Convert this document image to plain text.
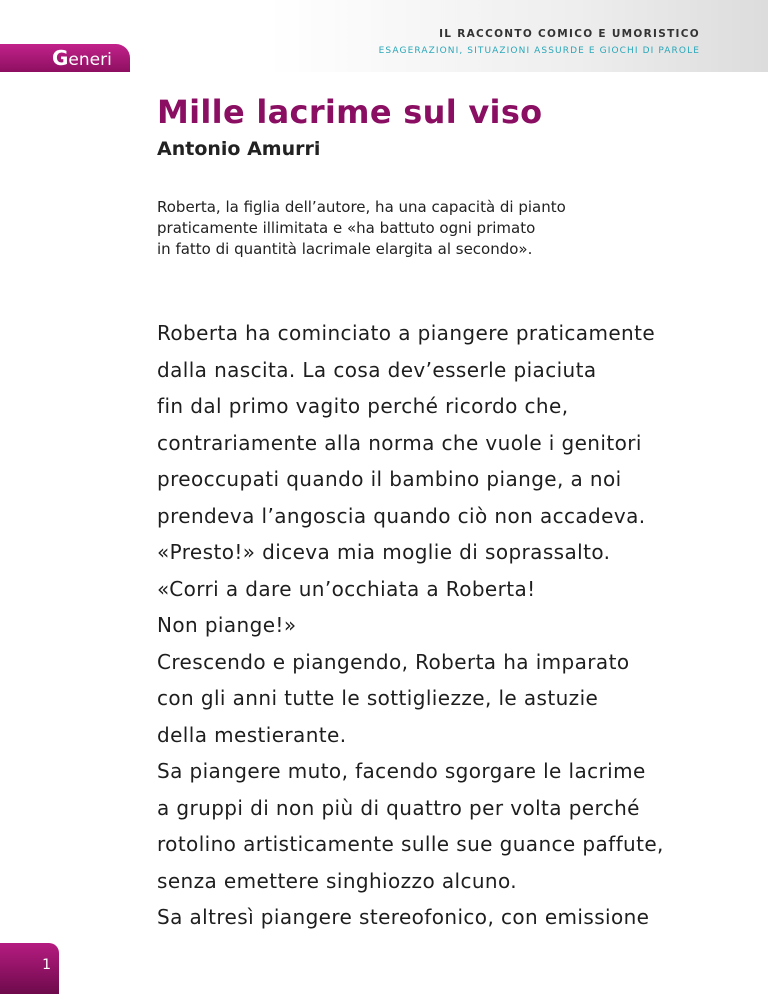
Generi
IL RACCONTO COMICO E UMORISTICO
ESAGERAZIONI, SITUAZIONI ASSURDE E GIOCHI DI PAROLE
Mille lacrime sul viso
Antonio Amurri
Roberta, la figlia dell’autore, ha una capacità di pianto
praticamente illimitata e «ha battuto ogni primato
in fatto di quantità lacrimale elargita al secondo».
Roberta ha cominciato a piangere praticamente
dalla nascita. La cosa dev’esserle piaciuta
fin dal primo vagito perché ricordo che,
contrariamente alla norma che vuole i genitori
preoccupati quando il bambino piange, a noi
prendeva l’angoscia quando ciò non accadeva.
«Presto!» diceva mia moglie di soprassalto.
«Corri a dare un’occhiata a Roberta!
Non piange!»
Crescendo e piangendo, Roberta ha imparato
con gli anni tutte le sottigliezze, le astuzie
della mestierante.
Sa piangere muto, facendo sgorgare le lacrime
a gruppi di non più di quattro per volta perché
rotolino artisticamente sulle sue guance paffute,
senza emettere singhiozzo alcuno.
Sa altresì piangere stereofonico, con emissione
1
